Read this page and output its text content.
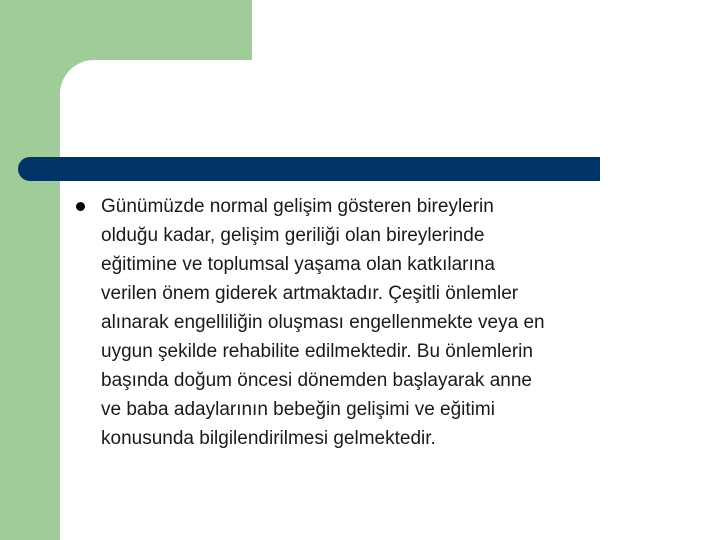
Günümüzde normal gelişim gösteren bireylerin
olduğu kadar, gelişim geriliği olan bireylerinde
eğitimine ve toplumsal yaşama olan katkılarına
verilen önem giderek artmaktadır. Çeşitli önlemler
alınarak engelliliğin oluşması engellenmekte veya en
uygun şekilde rehabilite edilmektedir. Bu önlemlerin
başında doğum öncesi dönemden başlayarak anne
ve baba adaylarının bebeğin gelişimi ve eğitimi
konusunda bilgilendirilmesi gelmektedir.
